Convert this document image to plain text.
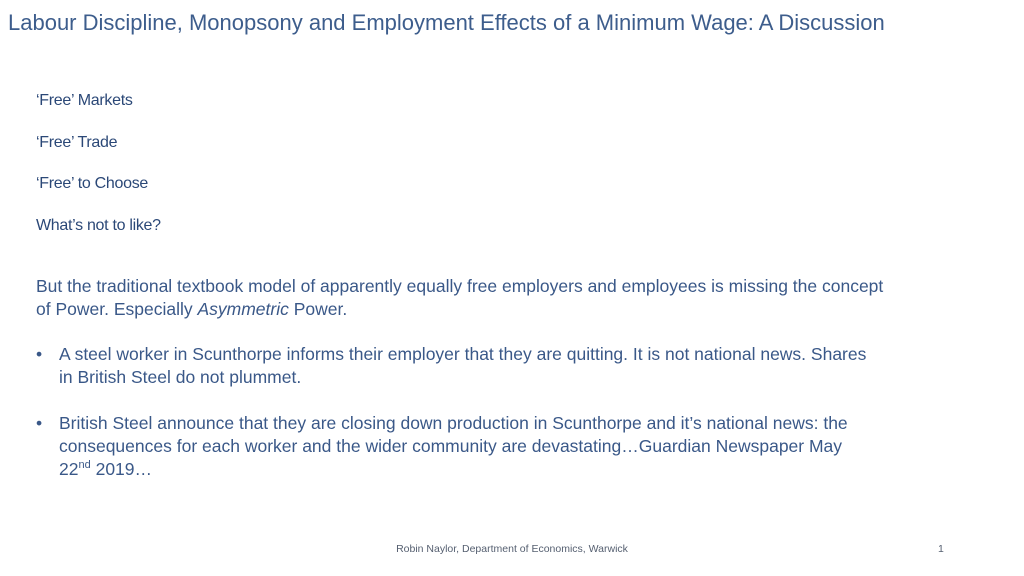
Labour Discipline, Monopsony and Employment Effects of a Minimum Wage: A Discussion
‘Free’ Markets
‘Free’ Trade
‘Free’ to Choose
What’s not to like?

But the traditional textbook model of apparently equally free employers and employees is missing the concept of Power. Especially Asymmetric Power.

• A steel worker in Scunthorpe informs their employer that they are quitting. It is not national news. Shares in British Steel do not plummet.
• British Steel announce that they are closing down production in Scunthorpe and it’s national news: the consequences for each worker and the wider community are devastating…Guardian Newspaper May 22nd 2019…
Robin Naylor, Department of Economics, Warwick	1
